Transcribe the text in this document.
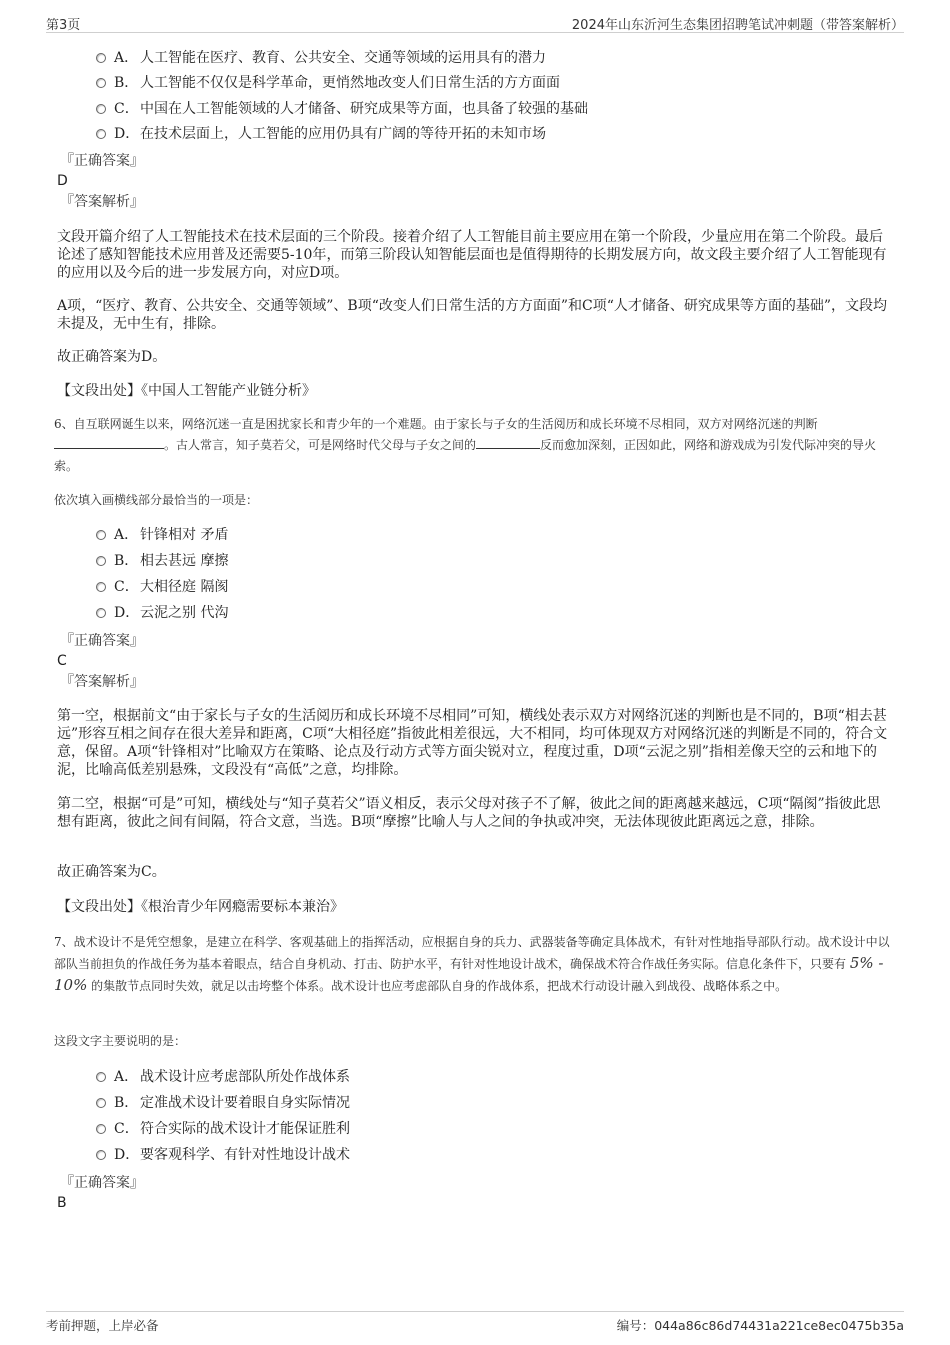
第3页	2024年山东沂河生态集团招聘笔试冲刺题（带答案解析）
A． 人工智能在医疗、教育、公共安全、交通等领域的运用具有的潜力
B． 人工智能不仅仅是科学革命，更悄然地改变人们日常生活的方方面面
C．中国在人工智能领域的人才储备、研究成果等方面，也具备了较强的基础
D．在技术层面上，人工智能的应用仍具有广阔的等待开拓的未知市场
『正确答案』
D
『答案解析』
文段开篇介绍了人工智能技术在技术层面的三个阶段。接着介绍了人工智能目前主要应用在第一个阶段，少量应用在第二个阶段。最后论述了感知智能技术应用普及还需要5-10年，而第三阶段认知智能层面也是值得期待的长期发展方向，故文段主要介绍了人工智能现有的应用以及今后的进一步发展方向，对应D项。
A项，“医疗、教育、公共安全、交通等领域”、B项“改变人们日常生活的方方面面”和C项“人才储备、研究成果等方面的基础”，文段均未提及，无中生有，排除。
故正确答案为D。
【文段出处】《中国人工智能产业链分析》
6、自互联网诞生以来，网络沉迷一直是困扰家长和青少年的一个难题。由于家长与子女的生活阅历和成长环境不尽相同，双方对网络沉迷的判断。古人常言，知子莫若父，可是网络时代父母与子女之间的	反而愈加深刻，正因如此，网络和游戏成为引发代际冲突的导火索。
依次填入画横线部分最恰当的一项是：
A． 针锋相对 矛盾
B． 相去甚远 摩擦
C．大相径庭 隔阂
D．云泥之别 代沟
『正确答案』
C
『答案解析』
第一空，根据前文“由于家长与子女的生活阅历和成长环境不尽相同”可知，横线处表示双方对网络沉迷的判断也是不同的，B项“相去甚远”形容互相之间存在很大差异和距离，C项“大相径庭”指彼此相差很远，大不相同，均可体现双方对网络沉迷的判断是不同的，符合文意，保留。A项“针锋相对”比喻双方在策略、论点及行动方式等方面尖锐对立，程度过重，D项“云泥之别”指相差像天空的云和地下的泥，比喻高低差别悬殊，文段没有“高低”之意，均排除。
第二空，根据“可是”可知，横线处与“知子莫若父”语义相反，表示父母对孩子不了解，彼此之间的距离越来越远，C项“隔阂”指彼此思想有距离，彼此之间有间隔，符合文意，当选。B项“摩擦”比喻人与人之间的争执或冲突，无法体现彼此距离远之意，排除。
故正确答案为C。
【文段出处】《根治青少年网瘾需要标本兼治》
7、战术设计不是凭空想象，是建立在科学、客观基础上的指挥活动，应根据自身的兵力、武器装备等确定具体战术，有针对性地指导部队行动。战术设计中以部队当前担负的作战任务为基本着眼点，结合自身机动、打击、防护水平，有针对性地设计战术，确保战术符合作战任务实际。信息化条件下，只要有 5% - 10% 的集散节点同时失效，就足以击垮整个体系。战术设计也应考虑部队自身的作战体系，把战术行动设计融入到战役、战略体系之中。
这段文字主要说明的是：
A． 战术设计应考虑部队所处作战体系
B． 定准战术设计要着眼自身实际情况
C．符合实际的战术设计才能保证胜利
D．要客观科学、有针对性地设计战术
『正确答案』
B
考前押题，上岸必备	编号：044a86c86d74431a221ce8ec0475b35a
